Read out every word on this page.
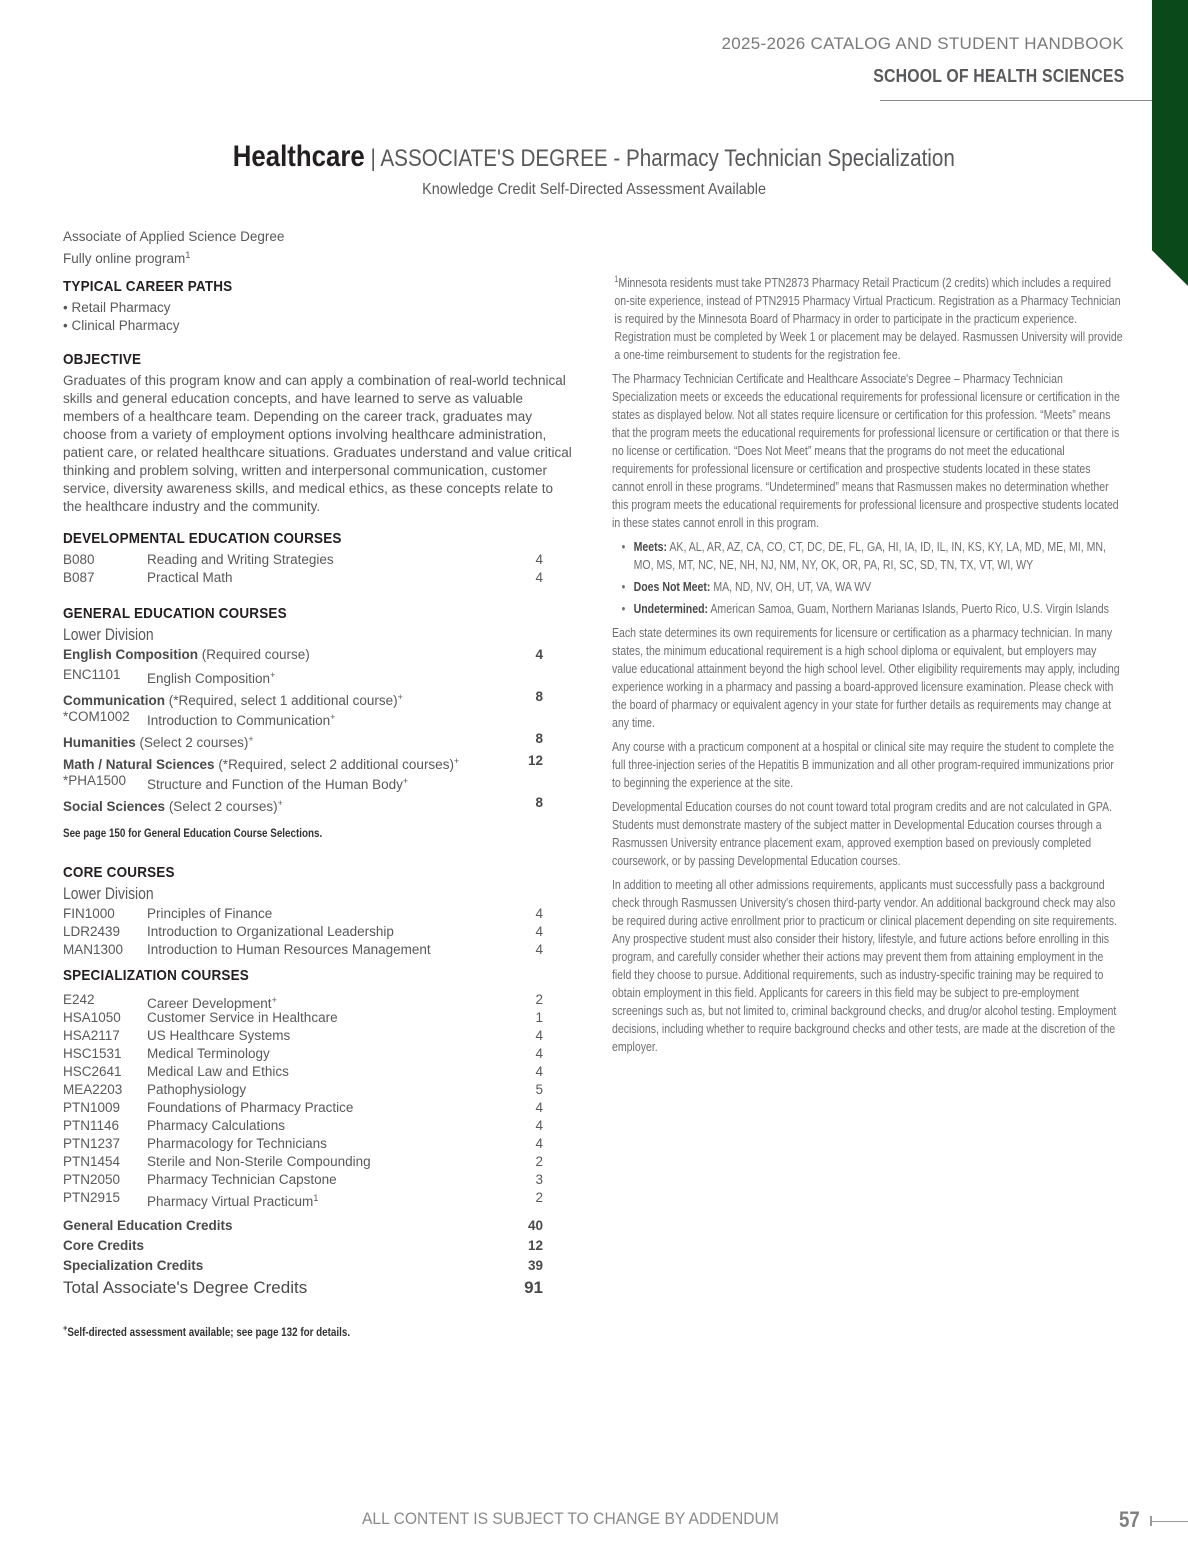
2025-2026 CATALOG AND STUDENT HANDBOOK
SCHOOL OF HEALTH SCIENCES
Healthcare | ASSOCIATE'S DEGREE - Pharmacy Technician Specialization
Knowledge Credit Self-Directed Assessment Available
Associate of Applied Science Degree
Fully online program$^1$
TYPICAL CAREER PATHS
• Retail Pharmacy
• Clinical Pharmacy
OBJECTIVE
Graduates of this program know and can apply a combination of real-world technical skills and general education concepts, and have learned to serve as valuable members of a healthcare team. Depending on the career track, graduates may choose from a variety of employment options involving healthcare administration, patient care, or related healthcare situations. Graduates understand and value critical thinking and problem solving, written and interpersonal communication, customer service, diversity awareness skills, and medical ethics, as these concepts relate to the healthcare industry and the community.
DEVELOPMENTAL EDUCATION COURSES
B080	Reading and Writing Strategies	4
B087	Practical Math	4
GENERAL EDUCATION COURSES
Lower Division
English Composition (Required course)	4
ENC1101	English Composition+
Communication (*Required, select 1 additional course)+	8
*COM1002	Introduction to Communication+
Humanities (Select 2 courses)+	8
Math / Natural Sciences (*Required, select 2 additional courses)+	12
*PHA1500	Structure and Function of the Human Body+
Social Sciences (Select 2 courses)+	8
See page 150 for General Education Course Selections.
CORE COURSES
Lower Division
FIN1000	Principles of Finance	4
LDR2439	Introduction to Organizational Leadership	4
MAN1300	Introduction to Human Resources Management	4
SPECIALIZATION COURSES
E242	Career Development+	2
HSA1050	Customer Service in Healthcare	1
HSA2117	US Healthcare Systems	4
HSC1531	Medical Terminology	4
HSC2641	Medical Law and Ethics	4
MEA2203	Pathophysiology	5
PTN1009	Foundations of Pharmacy Practice	4
PTN1146	Pharmacy Calculations	4
PTN1237	Pharmacology for Technicians	4
PTN1454	Sterile and Non-Sterile Compounding	2
PTN2050	Pharmacy Technician Capstone	3
PTN2915	Pharmacy Virtual Practicum$^1$	2
General Education Credits	40
Core Credits	12
Specialization Credits	39
Total Associate's Degree Credits	91
+Self-directed assessment available; see page 132 for details.
$^1$Minnesota residents must take PTN2873 Pharmacy Retail Practicum (2 credits) which includes a required on-site experience, instead of PTN2915 Pharmacy Virtual Practicum. Registration as a Pharmacy Technician is required by the Minnesota Board of Pharmacy in order to participate in the practicum experience. Registration must be completed by Week 1 or placement may be delayed. Rasmussen University will provide a one-time reimbursement to students for the registration fee.
The Pharmacy Technician Certificate and Healthcare Associate's Degree – Pharmacy Technician Specialization meets or exceeds the educational requirements for professional licensure or certification in the states as displayed below. Not all states require licensure or certification for this profession. “Meets” means that the program meets the educational requirements for professional licensure or certification or that there is no license or certification. “Does Not Meet” means that the programs do not meet the educational requirements for professional licensure or certification and prospective students located in these states cannot enroll in these programs. “Undetermined” means that Rasmussen makes no determination whether this program meets the educational requirements for professional licensure and prospective students located in these states cannot enroll in this program.
• Meets: AK, AL, AR, AZ, CA, CO, CT, DC, DE, FL, GA, HI, IA, ID, IL, IN, KS, KY, LA, MD, ME, MI, MN, MO, MS, MT, NC, NE, NH, NJ, NM, NY, OK, OR, PA, RI, SC, SD, TN, TX, VT, WI, WY
• Does Not Meet: MA, ND, NV, OH, UT, VA, WA WV
• Undetermined: American Samoa, Guam, Northern Marianas Islands, Puerto Rico, U.S. Virgin Islands
Each state determines its own requirements for licensure or certification as a pharmacy technician. In many states, the minimum educational requirement is a high school diploma or equivalent, but employers may value educational attainment beyond the high school level. Other eligibility requirements may apply, including experience working in a pharmacy and passing a board-approved licensure examination. Please check with the board of pharmacy or equivalent agency in your state for further details as requirements may change at any time.
Any course with a practicum component at a hospital or clinical site may require the student to complete the full three-injection series of the Hepatitis B immunization and all other program-required immunizations prior to beginning the experience at the site.
Developmental Education courses do not count toward total program credits and are not calculated in GPA. Students must demonstrate mastery of the subject matter in Developmental Education courses through a Rasmussen University entrance placement exam, approved exemption based on previously completed coursework, or by passing Developmental Education courses.
In addition to meeting all other admissions requirements, applicants must successfully pass a background check through Rasmussen University's chosen third-party vendor. An additional background check may also be required during active enrollment prior to practicum or clinical placement depending on site requirements. Any prospective student must also consider their history, lifestyle, and future actions before enrolling in this program, and carefully consider whether their actions may prevent them from attaining employment in the field they choose to pursue. Additional requirements, such as industry-specific training may be required to obtain employment in this field. Applicants for careers in this field may be subject to pre-employment screenings such as, but not limited to, criminal background checks, and drug/or alcohol testing. Employment decisions, including whether to require background checks and other tests, are made at the discretion of the employer.
ALL CONTENT IS SUBJECT TO CHANGE BY ADDENDUM	57
